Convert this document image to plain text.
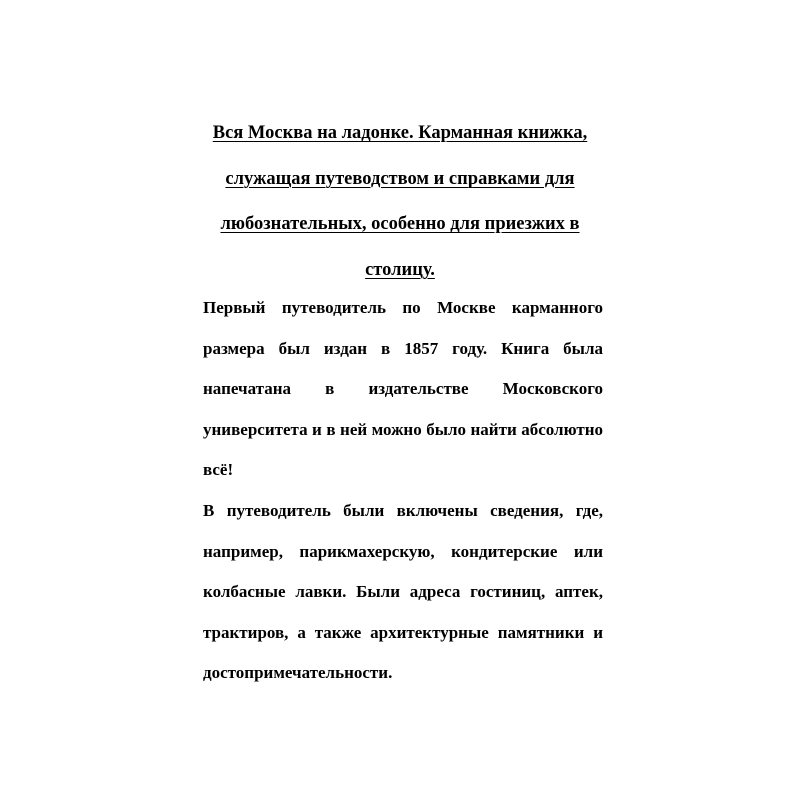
Вся Москва на ладонке. Карманная книжка, служащая путеводством и справками для любознательных, особенно для приезжих в столицу.

Первый путеводитель по Москве карманного размера был издан в 1857 году. Книга была напечатана в издательстве Московского университета и в ней можно было найти абсолютно всё!

В путеводитель были включены сведения, где, например, парикмахерскую, кондитерские или колбасные лавки. Были адреса гостиниц, аптек, трактиров, а также архитектурные памятники и достопримечательности.
